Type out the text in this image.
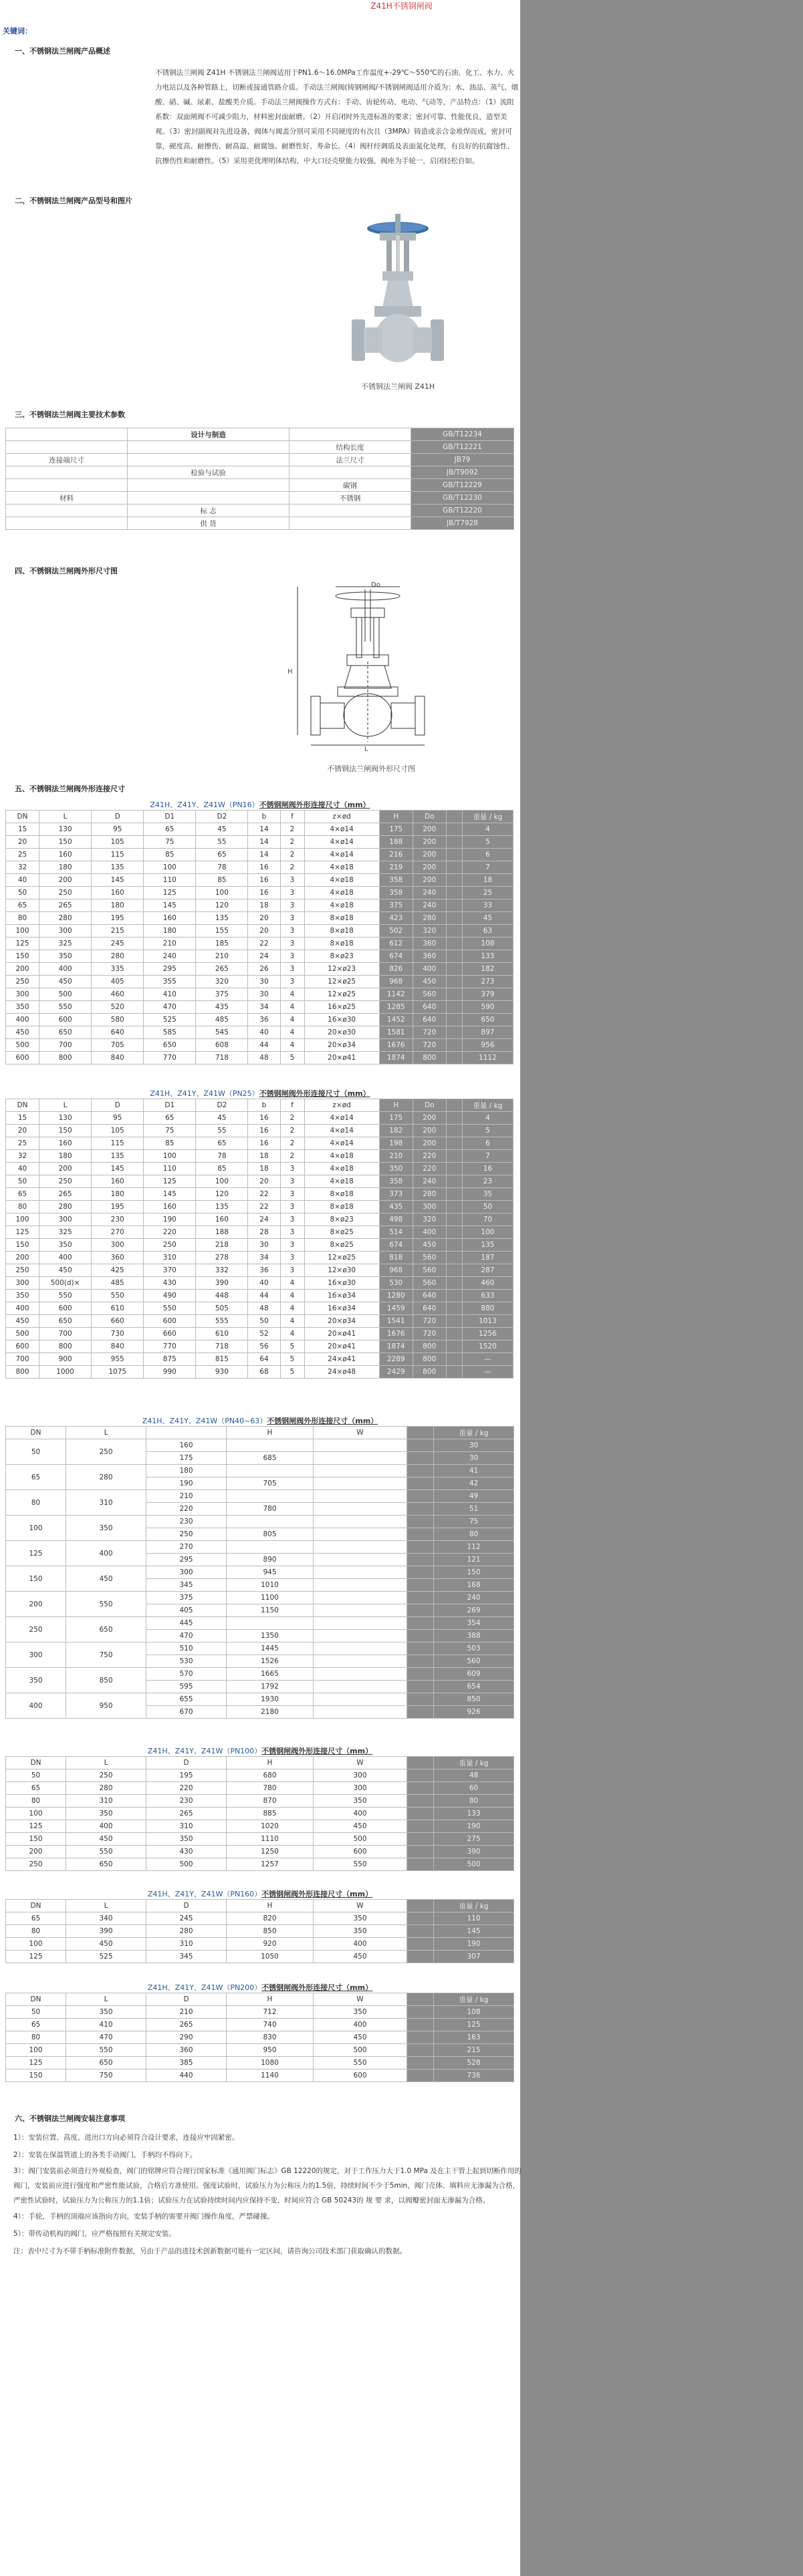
Z41H不锈钢闸阀
关键词：
一、不锈钢法兰闸阀产品概述
不锈钢法兰闸阀 Z41H 不锈钢法兰闸阀适用于PN1.6〜16.0MPa工作温度+-29℃〜550℃的石油、化工、水力、火力电站以及各种管路上，切断或接通管路介质。手动法兰闸阀(铸钢闸阀/不锈钢闸阀适用介质为：水、油品、蒸气、烟酸、硝、碱、尿素、盐酸类介质。手动法兰闸阀操作方式有：手动、齿轮传动、电动、气动等，产品特点：（1）流阻系数：双面闸阀不可减少阻力，材料密封面耐磨。（2）开启闭时外先进标准的要求；密封可靠、性能优良，造型美观。（3）密封副阀对先进设备，阀体与阀盖分别可采用不同硬度的有次且（3MPA）铸造或亲合金堆焊而成，密封可靠，硬度高、耐擦伤、耐高温、耐腐蚀、耐磨性好、寿命长。（4）阀杆经调质及表面氮化处理，有良好的抗腐蚀性、抗擦伤性和耐磨性。（5）采用更优理明体结构，中大口径壳壁能力较强，阀座为手轮一，启闭轻松自如。
二、不锈钢法兰闸阀产品型号和图片
不锈钢法兰闸阀 Z41H
三、不锈钢法兰闸阀主要技术参数
	设计与制造		GB/T12234
		结构长度	GB/T12221
连接端尺寸		法兰尺寸	JB79
	检验与试验		JB/T9092
		碳钢	GB/T12229
材料		不锈钢	GB/T12230
	标 志		GB/T12220
	供 货		JB/T7928
四、不锈钢法兰闸阀外形尺寸图
不锈钢法兰闸阀外形尺寸图
Do
H
L
五、不锈钢法兰闸阀外形连接尺寸
Z41H、Z41Y、Z41W（PN16）不锈钢闸阀外形连接尺寸（mm）
DN	L	D	D1	D2	b	f	z×ød	H	Do		重量 / kg
15	130	95	65	45	14	2	4×ø14	175	200		4
20	150	105	75	55	14	2	4×ø14	188	200		5
25	160	115	85	65	14	2	4×ø14	216	200		6
32	180	135	100	78	16	2	4×ø18	219	200		7
40	200	145	110	85	16	3	4×ø18	358	200		18
50	250	160	125	100	16	3	4×ø18	358	240		25
65	265	180	145	120	18	3	4×ø18	375	240		33
80	280	195	160	135	20	3	8×ø18	423	280		45
100	300	215	180	155	20	3	8×ø18	502	320		63
125	325	245	210	185	22	3	8×ø18	612	360		108
150	350	280	240	210	24	3	8×ø23	674	360		133
200	400	335	295	265	26	3	12×ø23	826	400		182
250	450	405	355	320	30	3	12×ø25	968	450		273
300	500	460	410	375	30	4	12×ø25	1142	560		379
350	550	520	470	435	34	4	16×ø25	1285	640		590
400	600	580	525	485	36	4	16×ø30	1452	640		650
450	650	640	585	545	40	4	20×ø30	1581	720		897
500	700	705	650	608	44	4	20×ø34	1676	720		956
600	800	840	770	718	48	5	20×ø41	1874	800		1112
Z41H、Z41Y、Z41W（PN25）不锈钢闸阀外形连接尺寸（mm）
DN	L	D	D1	D2	b	f	z×ød	H	Do		重量 / kg
15	130	95	65	45	16	2	4×ø14	175	200		4
20	150	105	75	55	16	2	4×ø14	182	200		5
25	160	115	85	65	16	2	4×ø14	198	200		6
32	180	135	100	78	18	2	4×ø18	210	220		7
40	200	145	110	85	18	3	4×ø18	350	220		16
50	250	160	125	100	20	3	4×ø18	358	240		23
65	265	180	145	120	22	3	8×ø18	373	280		35
80	280	195	160	135	22	3	8×ø18	435	300		50
100	300	230	190	160	24	3	8×ø23	498	320		70
125	325	270	220	188	28	3	8×ø25	514	400		100
150	350	300	250	218	30	3	8×ø25	674	450		135
200	400	360	310	278	34	3	12×ø25	818	560		187
250	450	425	370	332	36	3	12×ø30	968	560		287
300	500(d)×	485	430	390	40	4	16×ø30	530	560		460
350	550	550	490	448	44	4	16×ø34	1280	640		633
400	600	610	550	505	48	4	16×ø34	1459	640		880
450	650	660	600	555	50	4	20×ø34	1541	720		1013
500	700	730	660	610	52	4	20×ø41	1676	720		1256
600	800	840	770	718	56	5	20×ø41	1874	800		1520
700	900	955	875	815	64	5	24×ø41	2289	800		—
800	1000	1075	990	930	68	5	24×ø48	2429	800		—
Z41H、Z41Y、Z41W（PN40~63）不锈钢闸阀外形连接尺寸（mm）
DN	L		H	W		重量 / kg
50	250	160				30
		175	685			30
65	280	180				41
		190	705			42
80	310	210				49
		220	780			51
100	350	230				75
		250	805			80
125	400	270				112
		295	890			121
150	450	300	945			150
		345	1010			168
200	550	375	1100			240
		405	1150			269
250	650	445				354
		470	1350			388
300	750	510	1445			503
		530	1526			560
350	850	570	1665			609
		595	1792			654
400	950	655	1930			850
		670	2180			926
Z41H、Z41Y、Z41W（PN100）不锈钢闸阀外形连接尺寸（mm）
DN	L	D	H	W		重量 / kg
50	250	195	680	300		48
65	280	220	780	300		60
80	310	230	870	350		80
100	350	265	885	400		133
125	400	310	1020	450		190
150	450	350	1110	500		275
200	550	430	1250	600		390
250	650	500	1257	550		500
Z41H、Z41Y、Z41W（PN160）不锈钢闸阀外形连接尺寸（mm）
DN	L	D	H	W		重量 / kg
65	340	245	820	350		110
80	390	280	850	350		145
100	450	310	920	400		190
125	525	345	1050	450		307
Z41H、Z41Y、Z41W（PN200）不锈钢闸阀外形连接尺寸（mm）
DN	L	D	H	W		重量 / kg
50	350	210	712	350		108
65	410	265	740	400		125
80	470	290	830	450		163
100	550	360	950	500		215
125	650	385	1080	550		528
150	750	440	1140	600		736
六、不锈钢法兰闸阀安装注意事项
1）：安装位置、高度、进出口方向必须符合设计要求，连接应牢固紧密。
2）：安装在保温管道上的各类手动阀门，手柄均不得向下。
3）：阀门安装前必须进行外观检查，阀门的铭牌应符合现行国家标准《通用阀门标志》GB 12220的规定，对于工作压力大于1.0 MPa 及在主干管上起到切断作用的阀门，安装前应进行强度和严密性能试验，合格后方准使用。强度试验时，试验压力为公称压力的1.5倍，持续时间不少于5min，阀门壳体、填料应无渗漏为合格，严密性试验时，试验压力为公称压力的1.1倍；试验压力在试验持续时间内应保持不变，时间应符合 GB 50243的 规 要 求，以阀瓣密封面无渗漏为合格。
4）：手轮，手柄的顶端应该指向方向，安装手柄的需要开阀门操作角度，严禁碰撞。
5）：带传动机构的阀门，应严格按照有关规定安装。
注：表中尺寸为不带手柄标准附件数据，另由于产品的进技术创新数据可能有一定区间，请咨询公司技术部门获取确认的数据。
